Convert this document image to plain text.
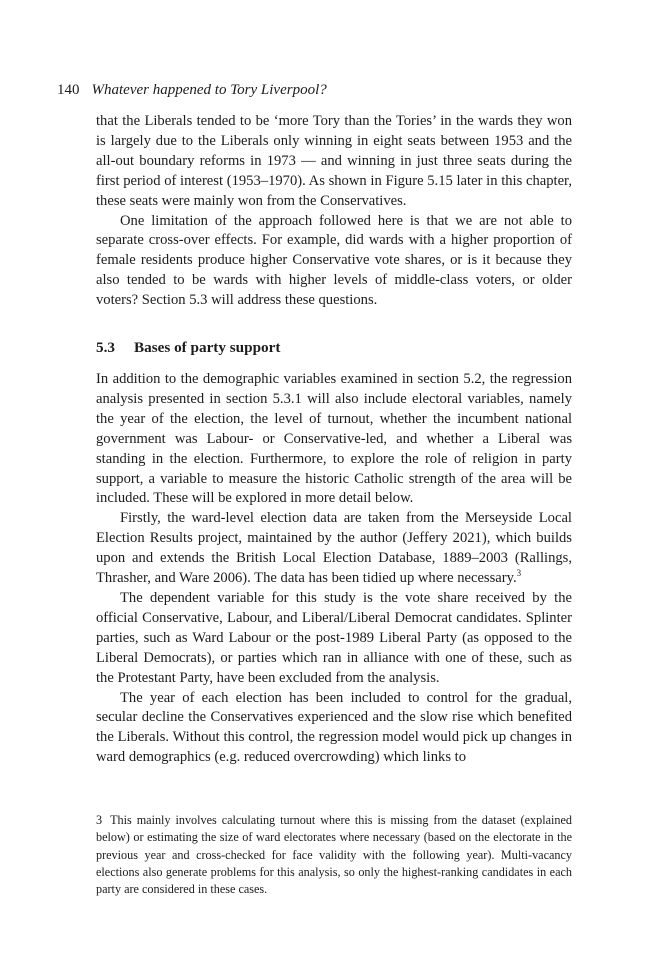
140 Whatever happened to Tory Liverpool?

that the Liberals tended to be ‘more Tory than the Tories’ in the wards they won is largely due to the Liberals only winning in eight seats between 1953 and the all-out boundary reforms in 1973 — and winning in just three seats during the first period of interest (1953–1970). As shown in Figure 5.15 later in this chapter, these seats were mainly won from the Conservatives.

One limitation of the approach followed here is that we are not able to separate cross-over effects. For example, did wards with a higher proportion of female residents produce higher Conservative vote shares, or is it because they also tended to be wards with higher levels of middle-class voters, or older voters? Section 5.3 will address these questions.

5.3 Bases of party support

In addition to the demographic variables examined in section 5.2, the regression analysis presented in section 5.3.1 will also include electoral variables, namely the year of the election, the level of turnout, whether the incumbent national government was Labour- or Conservative-led, and whether a Liberal was standing in the election. Furthermore, to explore the role of religion in party support, a variable to measure the historic Catholic strength of the area will be included. These will be explored in more detail below.

Firstly, the ward-level election data are taken from the Merseyside Local Election Results project, maintained by the author (Jeffery 2021), which builds upon and extends the British Local Election Database, 1889–2003 (Rallings, Thrasher, and Ware 2006). The data has been tidied up where necessary.$^3$

The dependent variable for this study is the vote share received by the official Conservative, Labour, and Liberal/Liberal Democrat candidates. Splinter parties, such as Ward Labour or the post-1989 Liberal Party (as opposed to the Liberal Democrats), or parties which ran in alliance with one of these, such as the Protestant Party, have been excluded from the analysis.

The year of each election has been included to control for the gradual, secular decline the Conservatives experienced and the slow rise which benefited the Liberals. Without this control, the regression model would pick up changes in ward demographics (e.g. reduced overcrowding) which links to

3 This mainly involves calculating turnout where this is missing from the dataset (explained below) or estimating the size of ward electorates where necessary (based on the electorate in the previous year and cross-checked for face validity with the following year). Multi-vacancy elections also generate problems for this analysis, so only the highest-ranking candidates in each party are considered in these cases.
